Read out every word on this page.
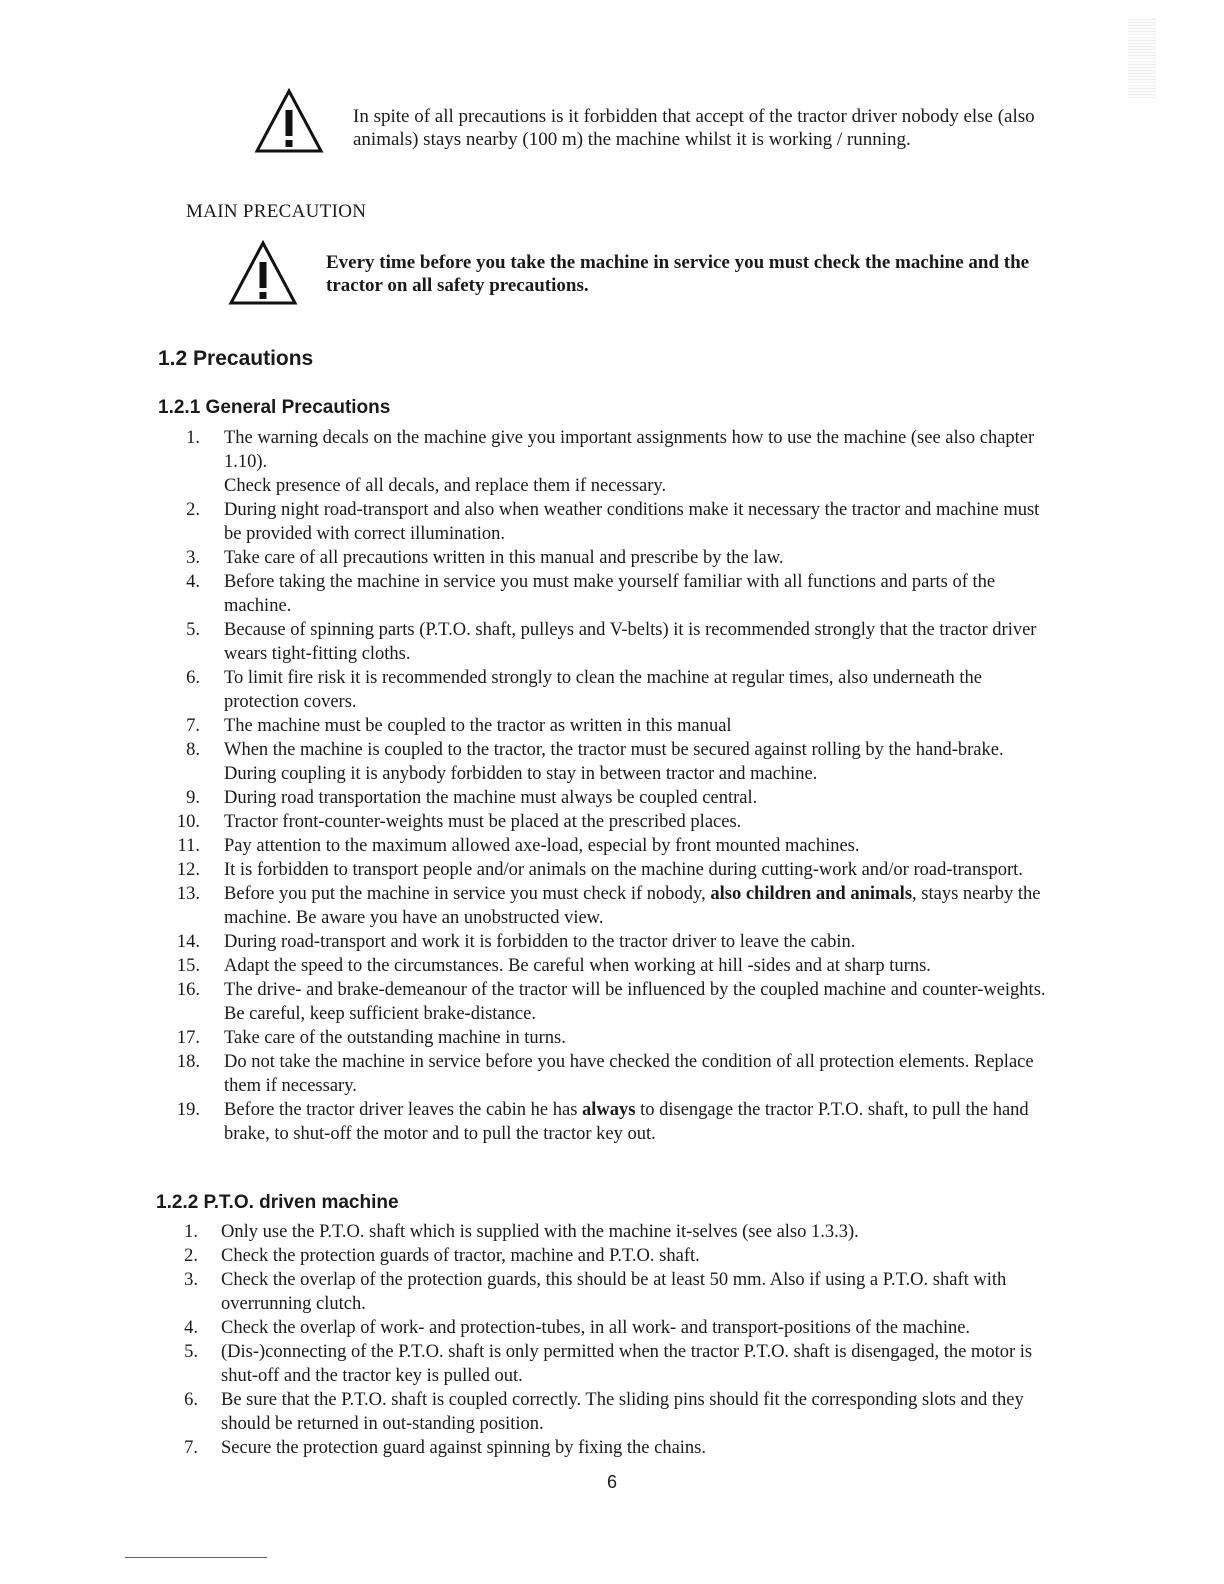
In spite of all precautions is it forbidden that accept of the tractor driver nobody else (also animals) stays nearby (100 m) the machine whilst it is working / running.
MAIN PRECAUTION
Every time before you take the machine in service you must check the machine and the tractor on all safety precautions.
1.2 Precautions
1.2.1 General Precautions
1. The warning decals on the machine give you important assignments how to use the machine (see also chapter 1.10).
Check presence of all decals, and replace them if necessary.
2. During night road-transport and also when weather conditions make it necessary the tractor and machine must be provided with correct illumination.
3. Take care of all precautions written in this manual and prescribe by the law.
4. Before taking the machine in service you must make yourself familiar with all functions and parts of the machine.
5. Because of spinning parts (P.T.O. shaft, pulleys and V-belts) it is recommended strongly that the tractor driver wears tight-fitting cloths.
6. To limit fire risk it is recommended strongly to clean the machine at regular times, also underneath the protection covers.
7. The machine must be coupled to the tractor as written in this manual
8. When the machine is coupled to the tractor, the tractor must be secured against rolling by the hand-brake. During coupling it is anybody forbidden to stay in between tractor and machine.
9. During road transportation the machine must always be coupled central.
10. Tractor front-counter-weights must be placed at the prescribed places.
11. Pay attention to the maximum allowed axe-load, especial by front mounted machines.
12. It is forbidden to transport people and/or animals on the machine during cutting-work and/or road-transport.
13. Before you put the machine in service you must check if nobody, also children and animals, stays nearby the machine. Be aware you have an unobstructed view.
14. During road-transport and work it is forbidden to the tractor driver to leave the cabin.
15. Adapt the speed to the circumstances. Be careful when working at hill -sides and at sharp turns.
16. The drive- and brake-demeanour of the tractor will be influenced by the coupled machine and counter-weights. Be careful, keep sufficient brake-distance.
17. Take care of the outstanding machine in turns.
18. Do not take the machine in service before you have checked the condition of all protection elements. Replace them if necessary.
19. Before the tractor driver leaves the cabin he has always to disengage the tractor P.T.O. shaft, to pull the hand brake, to shut-off the motor and to pull the tractor key out.
1.2.2 P.T.O. driven machine
1. Only use the P.T.O. shaft which is supplied with the machine it-selves (see also 1.3.3).
2. Check the protection guards of tractor, machine and P.T.O. shaft.
3. Check the overlap of the protection guards, this should be at least 50 mm. Also if using a P.T.O. shaft with overrunning clutch.
4. Check the overlap of work- and protection-tubes, in all work- and transport-positions of the machine.
5. (Dis-)connecting of the P.T.O. shaft is only permitted when the tractor P.T.O. shaft is disengaged, the motor is shut-off and the tractor key is pulled out.
6. Be sure that the P.T.O. shaft is coupled correctly. The sliding pins should fit the corresponding slots and they should be returned in out-standing position.
7. Secure the protection guard against spinning by fixing the chains.
6
